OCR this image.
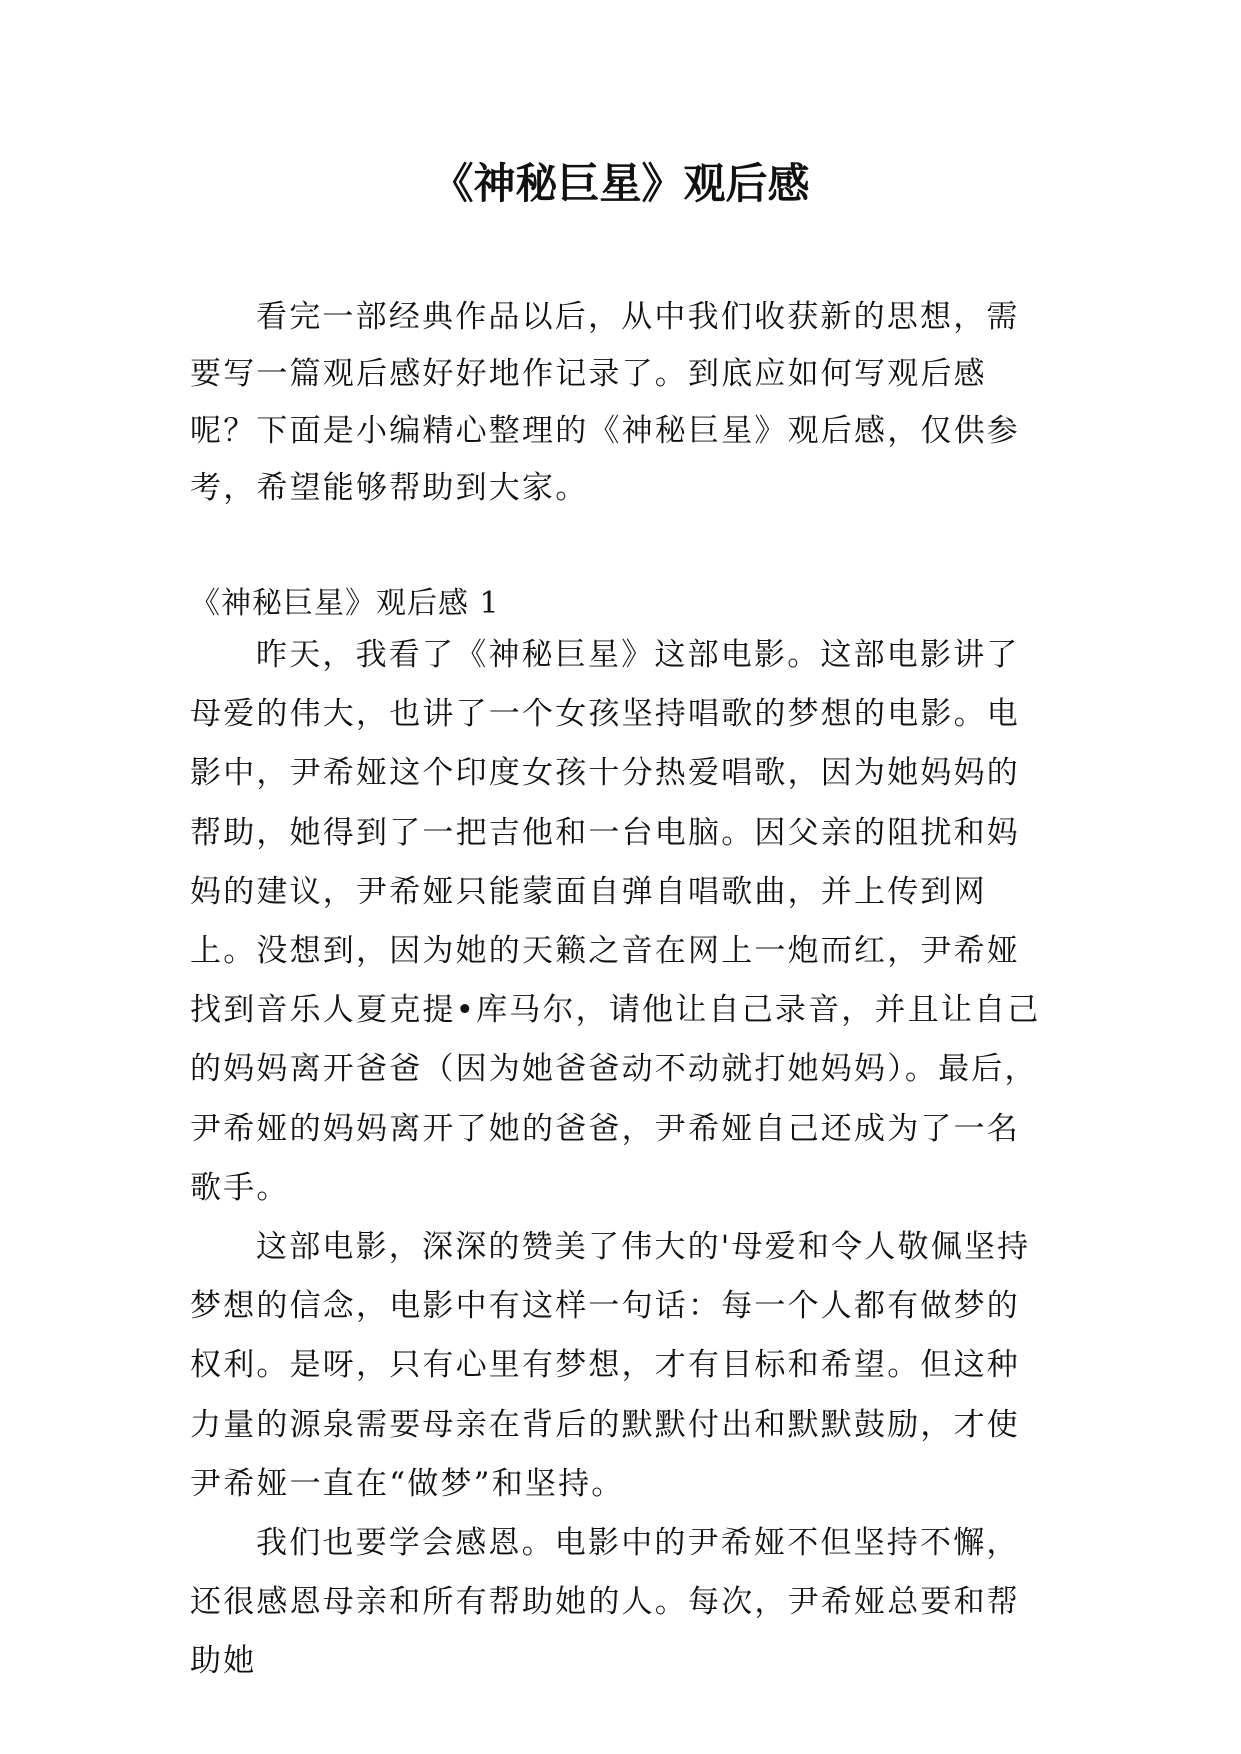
《神秘巨星》观后感

看完一部经典作品以后，从中我们收获新的思想，需要写一篇观后感好好地作记录了。到底应如何写观后感呢？下面是小编精心整理的《神秘巨星》观后感，仅供参考，希望能够帮助到大家。

《神秘巨星》观后感 1

昨天，我看了《神秘巨星》这部电影。这部电影讲了母爱的伟大，也讲了一个女孩坚持唱歌的梦想的电影。电影中，尹希娅这个印度女孩十分热爱唱歌，因为她妈妈的帮助，她得到了一把吉他和一台电脑。因父亲的阻扰和妈妈的建议，尹希娅只能蒙面自弹自唱歌曲，并上传到网上。没想到，因为她的天籁之音在网上一炮而红，尹希娅找到音乐人夏克提•库马尔，请他让自己录音，并且让自己的妈妈离开爸爸（因为她爸爸动不动就打她妈妈）。最后，尹希娅的妈妈离开了她的爸爸，尹希娅自己还成为了一名歌手。

这部电影，深深的赞美了伟大的'母爱和令人敬佩坚持梦想的信念，电影中有这样一句话：每一个人都有做梦的权利。是呀，只有心里有梦想，才有目标和希望。但这种力量的源泉需要母亲在背后的默默付出和默默鼓励，才使尹希娅一直在“做梦”和坚持。

我们也要学会感恩。电影中的尹希娅不但坚持不懈，还很感恩母亲和所有帮助她的人。每次，尹希娅总要和帮助她
